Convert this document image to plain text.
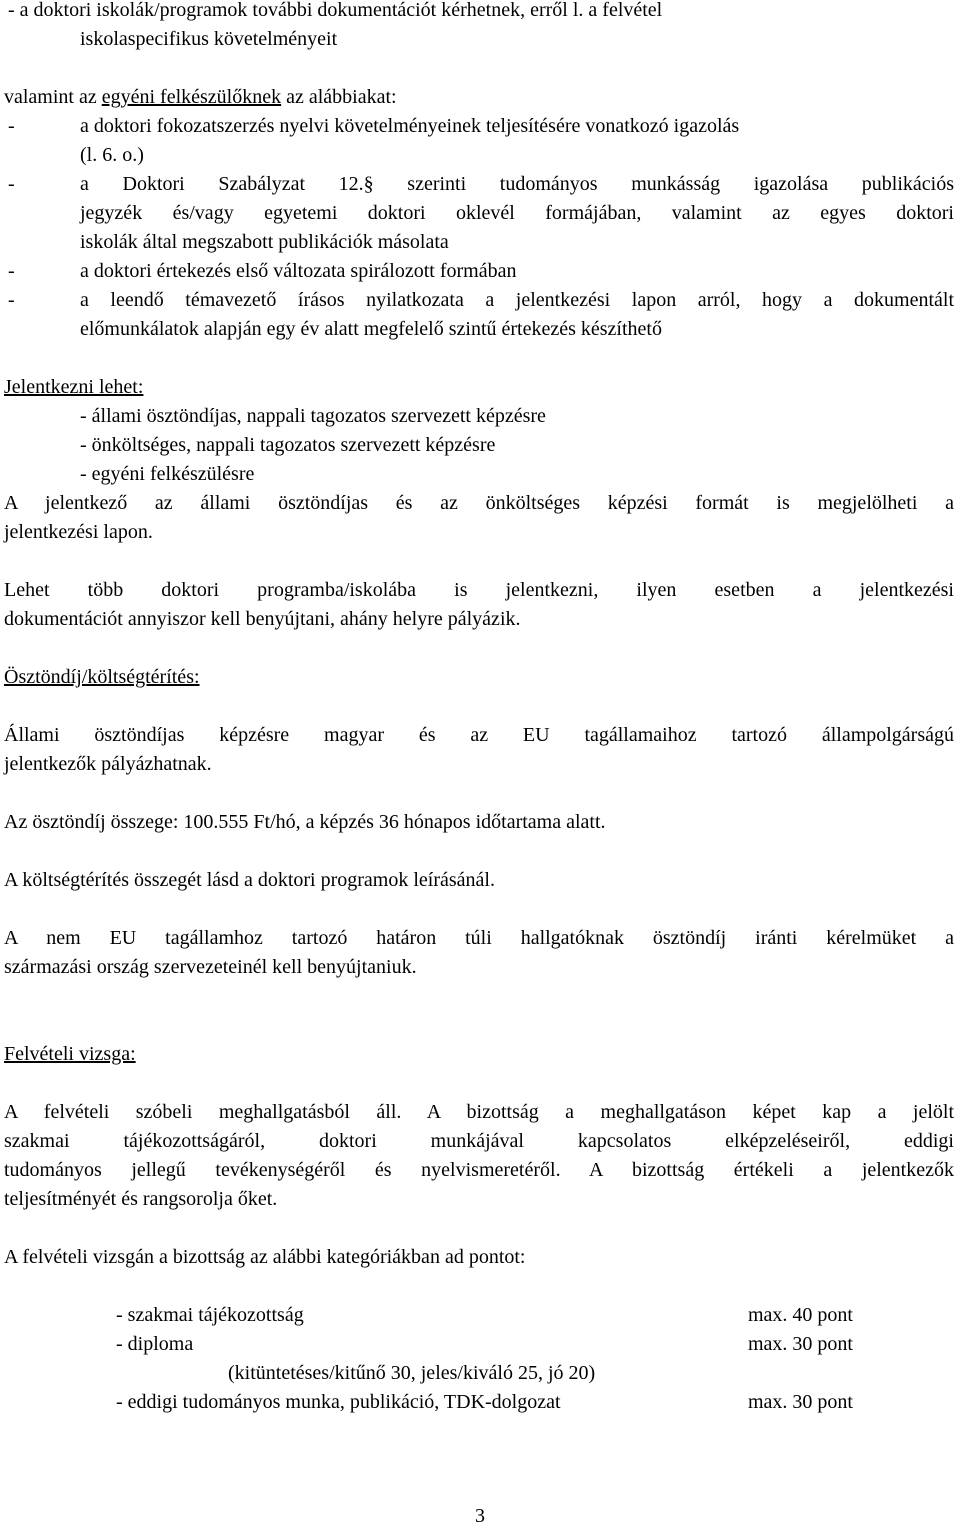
- a doktori iskolák/programok további dokumentációt kérhetnek, erről l. a felvétel
iskolaspecifikus követelményeit
valamint az egyéni felkészülőknek az alábbiakat:
-	a doktori fokozatszerzés nyelvi követelményeinek teljesítésére vonatkozó igazolás
(l. 6. o.)
-	a Doktori Szabályzat 12.§ szerinti tudományos munkásság igazolása publikációs
jegyzék és/vagy egyetemi doktori oklevél formájában, valamint az egyes doktori
iskolák által megszabott publikációk másolata
-	a doktori értekezés első változata spirálozott formában
-	a leendő témavezető írásos nyilatkozata a jelentkezési lapon arról, hogy a dokumentált
előmunkálatok alapján egy év alatt megfelelő szintű értekezés készíthető
Jelentkezni lehet:
- állami ösztöndíjas, nappali tagozatos szervezett képzésre
- önköltséges, nappali tagozatos szervezett képzésre
- egyéni felkészülésre
A jelentkező az állami ösztöndíjas és az önköltséges képzési formát is megjelölheti a
jelentkezési lapon.
Lehet több doktori programba/iskolába is jelentkezni, ilyen esetben a jelentkezési
dokumentációt annyiszor kell benyújtani, ahány helyre pályázik.
Ösztöndíj/költségtérítés:
Állami ösztöndíjas képzésre magyar és az EU tagállamaihoz tartozó állampolgárságú
jelentkezők pályázhatnak.
Az ösztöndíj összege: 100.555 Ft/hó, a képzés 36 hónapos időtartama alatt.
A költségtérítés összegét lásd a doktori programok leírásánál.
A nem EU tagállamhoz tartozó határon túli hallgatóknak ösztöndíj iránti kérelmüket a
származási ország szervezeteinél kell benyújtaniuk.
Felvételi vizsga:
A felvételi szóbeli meghallgatásból áll. A bizottság a meghallgatáson képet kap a jelölt
szakmai tájékozottságáról, doktori munkájával kapcsolatos elképzeléseiről, eddigi
tudományos jellegű tevékenységéről és nyelvismeretéről. A bizottság értékeli a jelentkezők
teljesítményét és rangsorolja őket.
A felvételi vizsgán a bizottság az alábbi kategóriákban ad pontot:
- szakmai tájékozottság	max. 40 pont
- diploma	max. 30 pont
(kitüntetéses/kitűnő 30, jeles/kiváló 25, jó 20)
- eddigi tudományos munka, publikáció, TDK-dolgozat	max. 30 pont
3
